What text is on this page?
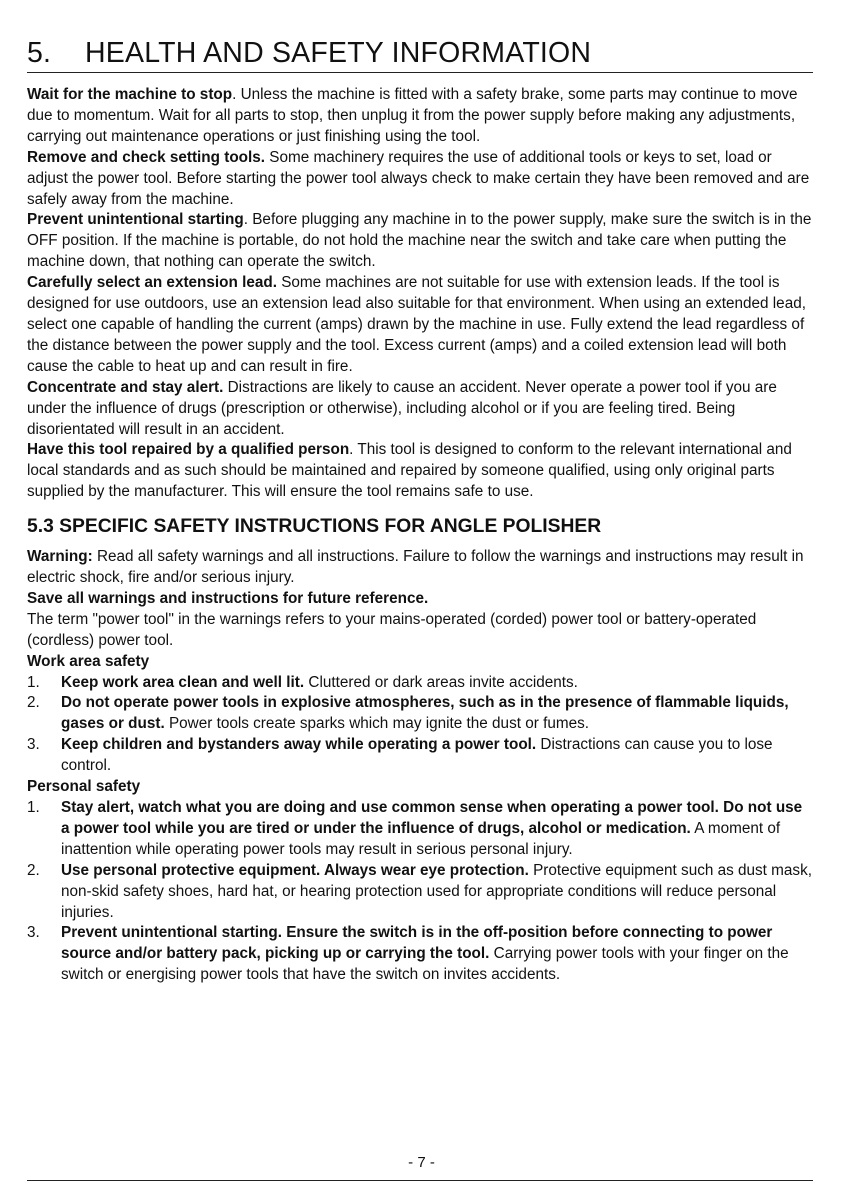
5. HEALTH AND SAFETY INFORMATION

Wait for the machine to stop. Unless the machine is fitted with a safety brake, some parts may continue to move due to momentum. Wait for all parts to stop, then unplug it from the power supply before making any adjustments, carrying out maintenance operations or just finishing using the tool.

Remove and check setting tools. Some machinery requires the use of additional tools or keys to set, load or adjust the power tool. Before starting the power tool always check to make certain they have been removed and are safely away from the machine.

Prevent unintentional starting. Before plugging any machine in to the power supply, make sure the switch is in the OFF position. If the machine is portable, do not hold the machine near the switch and take care when putting the machine down, that nothing can operate the switch.

Carefully select an extension lead. Some machines are not suitable for use with extension leads. If the tool is designed for use outdoors, use an extension lead also suitable for that environment. When using an extended lead, select one capable of handling the current (amps) drawn by the machine in use. Fully extend the lead regardless of the distance between the power supply and the tool. Excess current (amps) and a coiled extension lead will both cause the cable to heat up and can result in fire.

Concentrate and stay alert. Distractions are likely to cause an accident. Never operate a power tool if you are under the influence of drugs (prescription or otherwise), including alcohol or if you are feeling tired. Being disorientated will result in an accident.

Have this tool repaired by a qualified person. This tool is designed to conform to the relevant international and local standards and as such should be maintained and repaired by someone qualified, using only original parts supplied by the manufacturer. This will ensure the tool remains safe to use.

5.3 SPECIFIC SAFETY INSTRUCTIONS FOR ANGLE POLISHER

Warning: Read all safety warnings and all instructions. Failure to follow the warnings and instructions may result in electric shock, fire and/or serious injury.

Save all warnings and instructions for future reference.

The term "power tool" in the warnings refers to your mains-operated (corded) power tool or battery-operated (cordless) power tool.

Work area safety

1. Keep work area clean and well lit. Cluttered or dark areas invite accidents.
2. Do not operate power tools in explosive atmospheres, such as in the presence of flammable liquids, gases or dust. Power tools create sparks which may ignite the dust or fumes.
3. Keep children and bystanders away while operating a power tool. Distractions can cause you to lose control.

Personal safety

1. Stay alert, watch what you are doing and use common sense when operating a power tool. Do not use a power tool while you are tired or under the influence of drugs, alcohol or medication. A moment of inattention while operating power tools may result in serious personal injury.
2. Use personal protective equipment. Always wear eye protection. Protective equipment such as dust mask, non-skid safety shoes, hard hat, or hearing protection used for appropriate conditions will reduce personal injuries.
3. Prevent unintentional starting. Ensure the switch is in the off-position before connecting to power source and/or battery pack, picking up or carrying the tool. Carrying power tools with your finger on the switch or energising power tools that have the switch on invites accidents.
- 7 -
